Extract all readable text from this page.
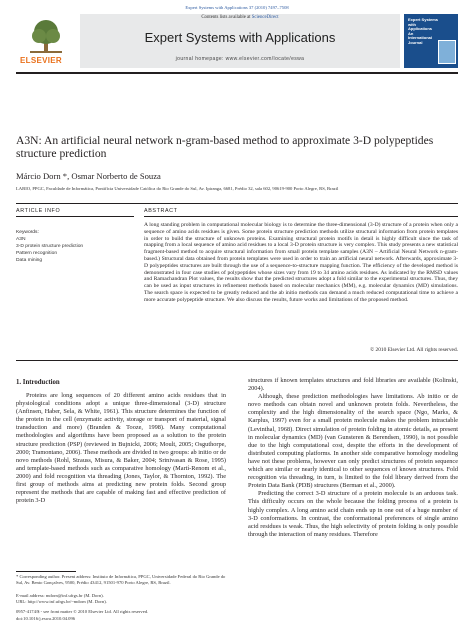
Expert Systems with Applications 37 (2010) 7497–7508
ELSEVIER
Contents lists available at ScienceDirect
Expert Systems with Applications
journal homepage: www.elsevier.com/locate/eswa
Expert Systems with Applications An International Journal
A3N: An artificial neural network n-gram-based method to approximate 3-D polypeptides structure prediction
Márcio Dorn *, Osmar Norberto de Souza
LABIO, PPGC, Faculdade de Informática, Pontifícia Universidade Católica do Rio Grande do Sul, Av. Ipiranga, 6681, Prédio 32, sala 602, 90619-900 Porto Alegre, RS, Brazil
ARTICLE INFO	ABSTRACT
Keywords:
A3N
3-D protein structure prediction
Pattern recognition
Data mining
A long standing problem in computational molecular biology is to determine the three-dimensional (3-D) structure of a protein when only a sequence of amino acids residues is given. Some protein structure prediction methods utilize structural information from protein templates in order to build the structure of unknown proteins. Examining structural protein motifs in detail is highly difficult since the task of mapping from a local sequence of amino acid residues to a local 3-D protein structure is very complex. This study presents a new statistical fragment-based method to acquire structural information from small protein template samples (A3N – Artificial Neural Network n-gram-based.) Structural data obtained from protein templates were used in order to train an artificial neural network. Afterwards, approximate 3-D polypeptides structures are built through the use of a sequence-to-structure mapping function. The efficiency of the developed method is demonstrated in four case studies of polypeptides whose sizes vary from 19 to 34 amino acids residues. As indicated by the RMSD values and Ramachandran Plot values, the results show that the predicted structures adopt a fold similar to the experimental structures. Thus, they can be used as input structures in refinement methods based on molecular mechanics (MM), e.g. molecular dynamics (MD) simulations. The search space is expected to be greatly reduced and the ab initio methods can demand a much reduced computational time to achieve a more accurate polypeptide structure. We also discuss the results, future works and limitations of the proposed method.
© 2010 Elsevier Ltd. All rights reserved.
1. Introduction

Proteins are long sequences of 20 different amino acids residues that in physiological conditions adopt a unique three-dimensional (3-D) structure (Anfinsen, Haber, Sela, & White, 1961). This structure determines the function of the protein in the cell (enzymatic activity, storage or transport of material, signal transduction and more) (Branden & Tooze, 1998). Many computational methodologies and algorithms have been proposed as a solution to the protein structure prediction (PSP) (reviewed in Bujnicki, 2006; Moult, 2005; Osguthorpe, 2000; Tramontano, 2006). These methods are divided in two groups: ab initio or de novo methods (Rohl, Strauss, Misura, & Baker, 2004; Srinivasan & Rose, 1995) and template-based methods such as comparative homology (Martí-Renom et al., 2000) and fold recognition via threading (Jones, Taylor, & Thornton, 1992). The first group of methods aims at predicting new protein folds. Second group represent the methods that are capable of making fast and effective prediction of protein 3-D

structures if known templates structures and fold libraries are available (Kolinski, 2004).

Although, these prediction methodologies have limitations. Ab initio or de novo methods can obtain novel and unknown protein folds. Nevertheless, the complexity and the high dimensionality of the search space (Ngo, Marks, & Karplus, 1997) even for a small protein molecule makes the problem intractable (Levinthal, 1968). Direct simulation of protein folding in atomic details, as present in molecular dynamics (MD) (van Gunsteren & Berendsen, 1990), is not possible due to the high computational cost, despite the efforts in the development of distributed computing platforms. In another side comparative homology modeling have not these problems, however can only predict structures of protein sequence which are similar or nearly identical to other sequences of known structures. Fold recognition via threading, in turn, is limited to the fold library derived from the Protein Data Bank (PDB) structures (Berman et al., 2000).

Predicting the correct 3-D structure of a protein molecule is an arduous task. This difficulty occurs on the whole because the folding process of a protein is highly complex. A long amino acid chain ends up in one out of a huge number of 3-D conformations. In contrast, the conformational preferences of single amino acid residues is weak. Thus, the high selectivity of protein folding is only possible through the interaction of many residues. Therefore

* Corresponding author. Present address: Instituto de Informática, PPGC, Universidade Federal do Rio Grande do Sul, Av. Bento Gonçalves, 9500, Prédio 43412, 91501-970 Porto Alegre, RS, Brazil.
E-mail address: mdorn@inf.ufrgs.br (M. Dorn).
URL: http://www.inf.ufrgs.br/~mdorn (M. Dorn).
0957-4174/$ - see front matter © 2010 Elsevier Ltd. All rights reserved.
doi:10.1016/j.eswa.2010.04.096
